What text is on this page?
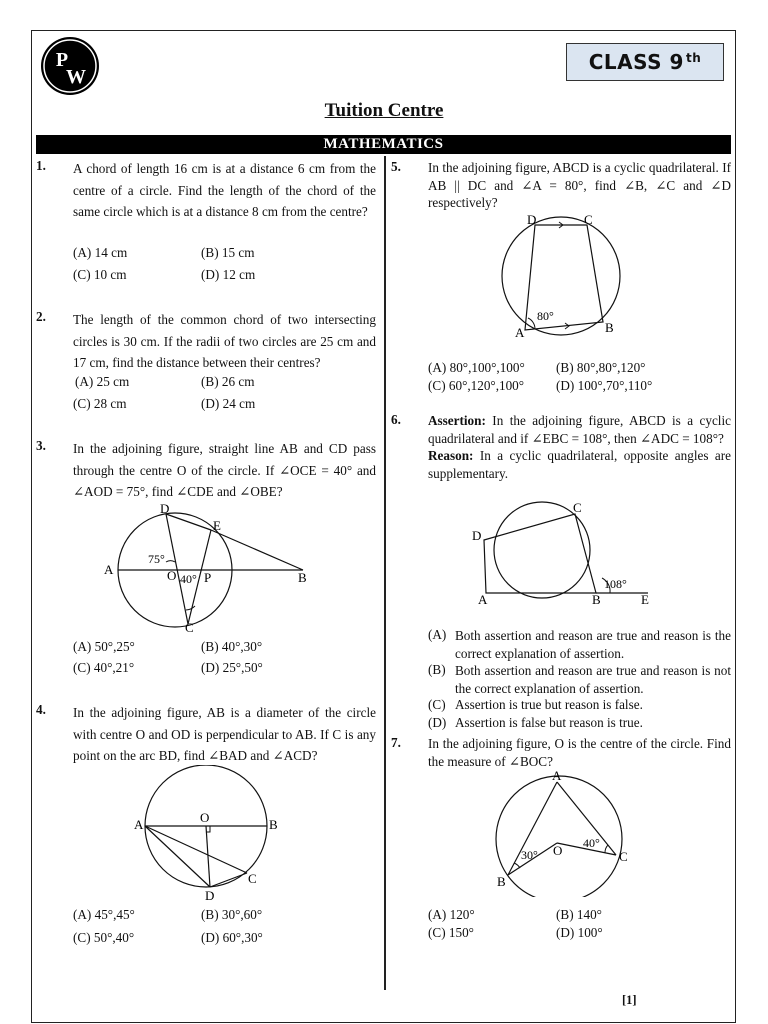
P
W
CLASS 9th
Tuition Centre
MATHEMATICS
1. A chord of length 16 cm is at a distance 6 cm from the centre of a circle. Find the length of the chord of the same circle which is at a distance 8 cm from the centre?
(A) 14 cm	(B) 15 cm
(C) 10 cm	(D) 12 cm
2. The length of the common chord of two intersecting circles is 30 cm. If the radii of two circles are 25 cm and 17 cm, find the distance between their centres?
(A) 25 cm	(B) 26 cm
(C) 28 cm	(D) 24 cm
3. In the adjoining figure, straight line AB and CD pass through the centre O of the circle. If ∠OCE = 40° and ∠AOD = 75°, find ∠CDE and ∠OBE?
D
E
A
75°
O 40° P	B
C
(A) 50°,25°	(B) 40°,30°
(C) 40°,21°	(D) 25°,50°
4. In the adjoining figure, AB is a diameter of the circle with centre O and OD is perpendicular to AB. If C is any point on the arc BD, find ∠BAD and ∠ACD?
A	O	B
C
D
(A) 45°,45°	(B) 30°,60°
(C) 50°,40°	(D) 60°,30°
5. In the adjoining figure, ABCD is a cyclic quadrilateral. If AB || DC and ∠A = 80°, find ∠B, ∠C and ∠D respectively?
D	C
80°
A	B
(A) 80°,100°,100° (B) 80°,80°,120°
(C) 60°,120°,100° (D) 100°,70°,110°
6. Assertion: In the adjoining figure, ABCD is a cyclic quadrilateral and if ∠EBC = 108°, then ∠ADC = 108°?
Reason: In a cyclic quadrilateral, opposite angles are supplementary.
C
D
108°
A	B	E
(A) Both assertion and reason are true and reason is the correct explanation of assertion.
(B) Both assertion and reason are true and reason is not the correct explanation of assertion.
(C) Assertion is true but reason is false.
(D) Assertion is false but reason is true.
7. In the adjoining figure, O is the centre of the circle. Find the measure of ∠BOC?
A
40°
30° O	C
B
(A) 120°	(B) 140°
(C) 150°	(D) 100°
[1]
